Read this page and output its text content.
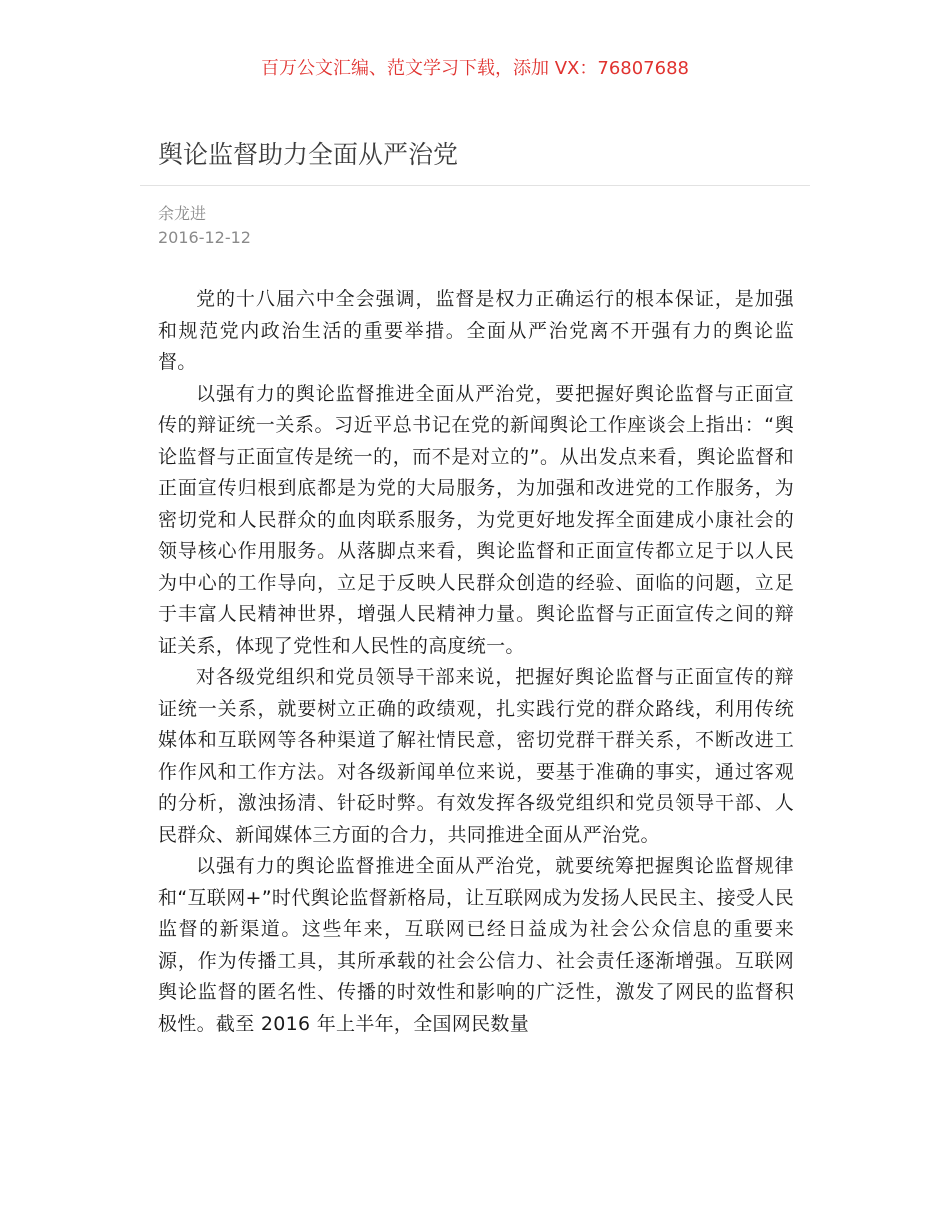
百万公文汇编、范文学习下载，添加 VX：76807688
舆论监督助力全面从严治党
余龙进
2016-12-12

党的十八届六中全会强调，监督是权力正确运行的根本保证，是加强和规范党内政治生活的重要举措。全面从严治党离不开强有力的舆论监督。

以强有力的舆论监督推进全面从严治党，要把握好舆论监督与正面宣传的辩证统一关系。习近平总书记在党的新闻舆论工作座谈会上指出：“舆论监督与正面宣传是统一的，而不是对立的”。从出发点来看，舆论监督和正面宣传归根到底都是为党的大局服务，为加强和改进党的工作服务，为密切党和人民群众的血肉联系服务，为党更好地发挥全面建成小康社会的领导核心作用服务。从落脚点来看，舆论监督和正面宣传都立足于以人民为中心的工作导向，立足于反映人民群众创造的经验、面临的问题，立足于丰富人民精神世界，增强人民精神力量。舆论监督与正面宣传之间的辩证关系，体现了党性和人民性的高度统一。

对各级党组织和党员领导干部来说，把握好舆论监督与正面宣传的辩证统一关系，就要树立正确的政绩观，扎实践行党的群众路线，利用传统媒体和互联网等各种渠道了解社情民意，密切党群干群关系，不断改进工作作风和工作方法。对各级新闻单位来说，要基于准确的事实，通过客观的分析，激浊扬清、针砭时弊。有效发挥各级党组织和党员领导干部、人民群众、新闻媒体三方面的合力，共同推进全面从严治党。

以强有力的舆论监督推进全面从严治党，就要统筹把握舆论监督规律和“互联网+”时代舆论监督新格局，让互联网成为发扬人民民主、接受人民监督的新渠道。这些年来，互联网已经日益成为社会公众信息的重要来源，作为传播工具，其所承载的社会公信力、社会责任逐渐增强。互联网舆论监督的匿名性、传播的时效性和影响的广泛性，激发了网民的监督积极性。截至 2016 年上半年，全国网民数量
